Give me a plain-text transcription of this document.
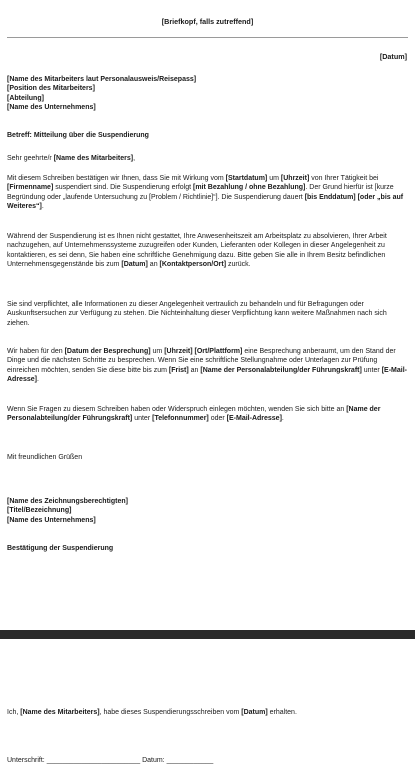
[Briefkopf, falls zutreffend]
[Datum]
[Name des Mitarbeiters laut Personalausweis/Reisepass]
[Position des Mitarbeiters]
[Abteilung]
[Name des Unternehmens]

Betreff: Mitteilung über die Suspendierung

Sehr geehrte/r [Name des Mitarbeiters],

Mit diesem Schreiben bestätigen wir Ihnen, dass Sie mit Wirkung vom [Startdatum] um [Uhrzeit] von Ihrer Tätigkeit bei [Firmenname] suspendiert sind. Die Suspendierung erfolgt [mit Bezahlung / ohne Bezahlung]. Der Grund hierfür ist [kurze Begründung oder „laufende Untersuchung zu [Problem / Richtlinie]“]. Die Suspendierung dauert [bis Enddatum] [oder „bis auf Weiteres“].

Während der Suspendierung ist es Ihnen nicht gestattet, Ihre Anwesenheitszeit am Arbeitsplatz zu absolvieren, Ihrer Arbeit nachzugehen, auf Unternehmenssysteme zuzugreifen oder Kunden, Lieferanten oder Kollegen in dieser Angelegenheit zu kontaktieren, es sei denn, Sie haben eine schriftliche Genehmigung dazu. Bitte geben Sie alle in Ihrem Besitz befindlichen Unternehmensgegenstände bis zum [Datum] an [Kontaktperson/Ort] zurück.

Sie sind verpflichtet, alle Informationen zu dieser Angelegenheit vertraulich zu behandeln und für Befragungen oder Auskunftsersuchen zur Verfügung zu stehen. Die Nichteinhaltung dieser Verpflichtung kann weitere Maßnahmen nach sich ziehen.

Wir haben für den [Datum der Besprechung] um [Uhrzeit] [Ort/Plattform] eine Besprechung anberaumt, um den Stand der Dinge und die nächsten Schritte zu besprechen. Wenn Sie eine schriftliche Stellungnahme oder Unterlagen zur Prüfung einreichen möchten, senden Sie diese bitte bis zum [Frist] an [Name der Personalabteilung/der Führungskraft] unter [E-Mail-Adresse].

Wenn Sie Fragen zu diesem Schreiben haben oder Widerspruch einlegen möchten, wenden Sie sich bitte an [Name der Personalabteilung/der Führungskraft] unter [Telefonnummer] oder [E-Mail-Adresse].

Mit freundlichen Grüßen

[Name des Zeichnungsberechtigten]
[Titel/Bezeichnung]
[Name des Unternehmens]

Bestätigung der Suspendierung

Ich, [Name des Mitarbeiters], habe dieses Suspendierungsschreiben vom [Datum] erhalten.

Unterschrift: ________________________ Datum: ____________
